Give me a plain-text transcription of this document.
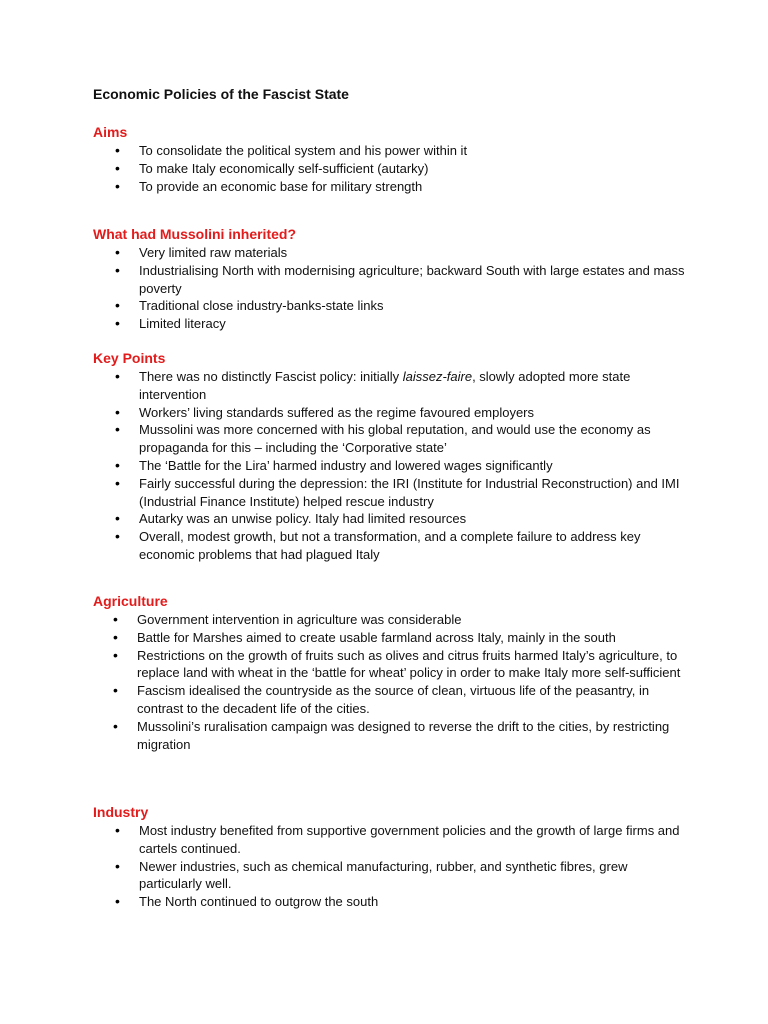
Economic Policies of the Fascist State
Aims
• To consolidate the political system and his power within it
• To make Italy economically self-sufficient (autarky)
• To provide an economic base for military strength
What had Mussolini inherited?
• Very limited raw materials
• Industrialising North with modernising agriculture; backward South with large estates and mass poverty
• Traditional close industry-banks-state links
• Limited literacy
Key Points
• There was no distinctly Fascist policy: initially laissez-faire, slowly adopted more state intervention
• Workers’ living standards suffered as the regime favoured employers
• Mussolini was more concerned with his global reputation, and would use the economy as propaganda for this – including the ‘Corporative state’
• The ‘Battle for the Lira’ harmed industry and lowered wages significantly
• Fairly successful during the depression: the IRI (Institute for Industrial Reconstruction) and IMI (Industrial Finance Institute) helped rescue industry
• Autarky was an unwise policy. Italy had limited resources
• Overall, modest growth, but not a transformation, and a complete failure to address key economic problems that had plagued Italy
Agriculture
• Government intervention in agriculture was considerable
• Battle for Marshes aimed to create usable farmland across Italy, mainly in the south
• Restrictions on the growth of fruits such as olives and citrus fruits harmed Italy’s agriculture, to replace land with wheat in the ‘battle for wheat’ policy in order to make Italy more self-sufficient
• Fascism idealised the countryside as the source of clean, virtuous life of the peasantry, in contrast to the decadent life of the cities.
• Mussolini’s ruralisation campaign was designed to reverse the drift to the cities, by restricting migration
Industry
• Most industry benefited from supportive government policies and the growth of large firms and cartels continued.
• Newer industries, such as chemical manufacturing, rubber, and synthetic fibres, grew particularly well.
• The North continued to outgrow the south
